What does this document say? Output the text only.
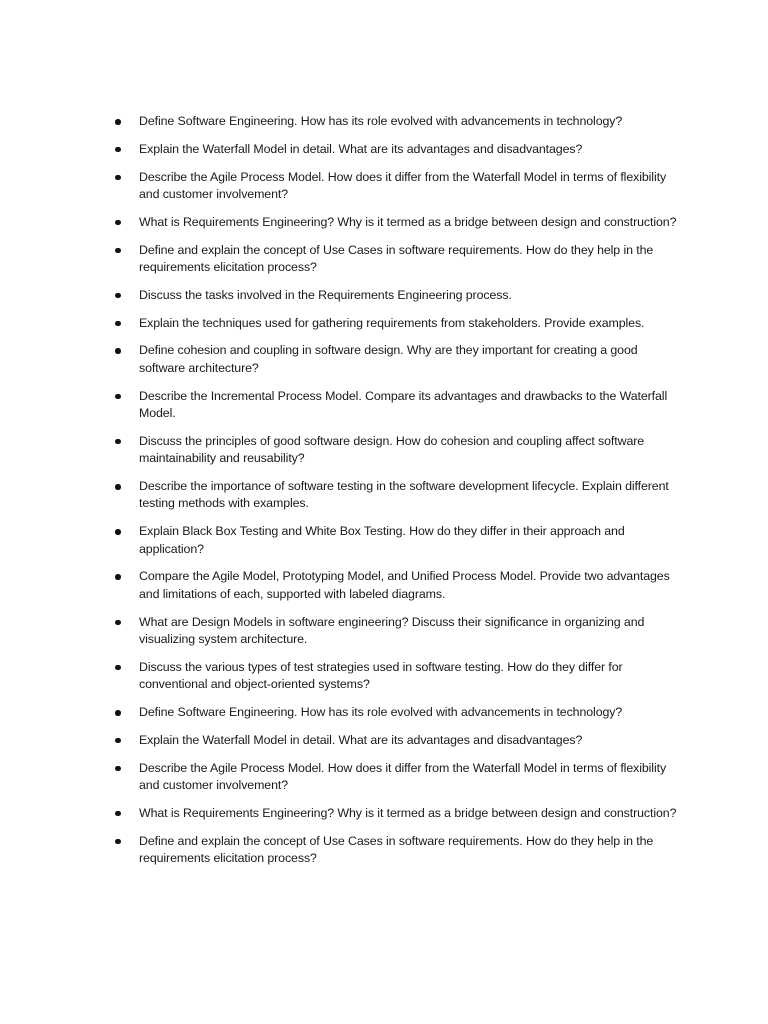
Define Software Engineering. How has its role evolved with advancements in technology?
Explain the Waterfall Model in detail. What are its advantages and disadvantages?
Describe the Agile Process Model. How does it differ from the Waterfall Model in terms of flexibility and customer involvement?
What is Requirements Engineering? Why is it termed as a bridge between design and construction?
Define and explain the concept of Use Cases in software requirements. How do they help in the requirements elicitation process?
Discuss the tasks involved in the Requirements Engineering process.
Explain the techniques used for gathering requirements from stakeholders. Provide examples.
Define cohesion and coupling in software design. Why are they important for creating a good software architecture?
Describe the Incremental Process Model. Compare its advantages and drawbacks to the Waterfall Model.
Discuss the principles of good software design. How do cohesion and coupling affect software maintainability and reusability?
Describe the importance of software testing in the software development lifecycle. Explain different testing methods with examples.
Explain Black Box Testing and White Box Testing. How do they differ in their approach and application?
Compare the Agile Model, Prototyping Model, and Unified Process Model. Provide two advantages and limitations of each, supported with labeled diagrams.
What are Design Models in software engineering? Discuss their significance in organizing and visualizing system architecture.
Discuss the various types of test strategies used in software testing. How do they differ for conventional and object-oriented systems?
Define Software Engineering. How has its role evolved with advancements in technology?
Explain the Waterfall Model in detail. What are its advantages and disadvantages?
Describe the Agile Process Model. How does it differ from the Waterfall Model in terms of flexibility and customer involvement?
What is Requirements Engineering? Why is it termed as a bridge between design and construction?
Define and explain the concept of Use Cases in software requirements. How do they help in the requirements elicitation process?
